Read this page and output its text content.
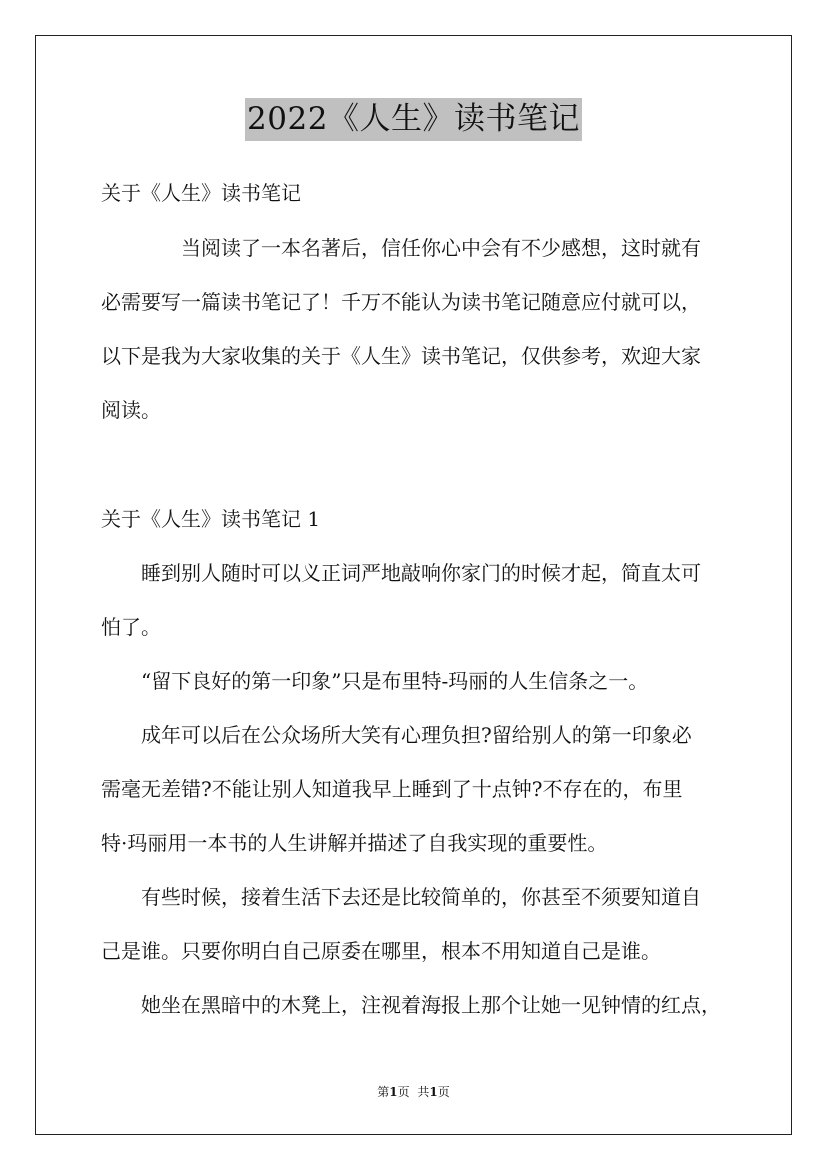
2022《人生》读书笔记
关于《人生》读书笔记
当阅读了一本名著后，信任你心中会有不少感想，这时就有
必需要写一篇读书笔记了！千万不能认为读书笔记随意应付就可以，
以下是我为大家收集的关于《人生》读书笔记，仅供参考，欢迎大家
阅读。
关于《人生》读书笔记 1
睡到别人随时可以义正词严地敲响你家门的时候才起，简直太可
怕了。
“留下良好的第一印象”只是布里特-玛丽的人生信条之一。
成年可以后在公众场所大笑有心理负担?留给别人的第一印象必
需毫无差错?不能让别人知道我早上睡到了十点钟?不存在的，布里
特·玛丽用一本书的人生讲解并描述了自我实现的重要性。
有些时候，接着生活下去还是比较简单的，你甚至不须要知道自
己是谁。只要你明白自己原委在哪里，根本不用知道自己是谁。
她坐在黑暗中的木凳上，注视着海报上那个让她一见钟情的红点，
第1页 共1页
